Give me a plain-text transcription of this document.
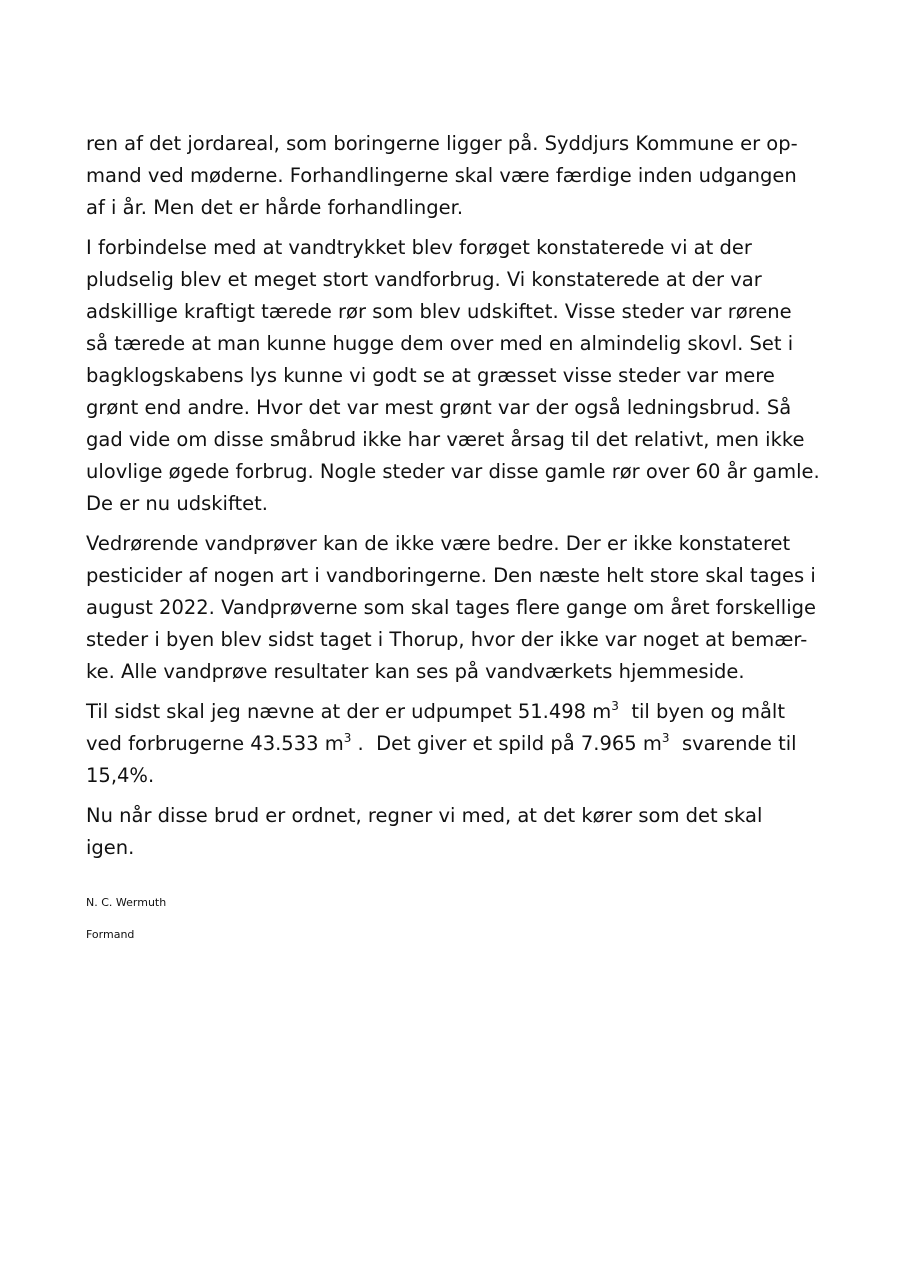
ren af det jordareal, som boringerne ligger på. Syddjurs Kommune er op-
mand ved møderne. Forhandlingerne skal være færdige inden udgangen
af i år. Men det er hårde forhandlinger.

I forbindelse med at vandtrykket blev forøget konstaterede vi at der
pludselig blev et meget stort vandforbrug. Vi konstaterede at der var
adskillige kraftigt tærede rør som blev udskiftet. Visse steder var rørene
så tærede at man kunne hugge dem over med en almindelig skovl. Set i
bagklogskabens lys kunne vi godt se at græsset visse steder var mere
grønt end andre. Hvor det var mest grønt var der også ledningsbrud. Så
gad vide om disse småbrud ikke har været årsag til det relativt, men ikke
ulovlige øgede forbrug. Nogle steder var disse gamle rør over 60 år gamle.
De er nu udskiftet.

Vedrørende vandprøver kan de ikke være bedre. Der er ikke konstateret
pesticider af nogen art i vandboringerne. Den næste helt store skal tages i
august 2022. Vandprøverne som skal tages flere gange om året forskellige
steder i byen blev sidst taget i Thorup, hvor der ikke var noget at bemær-
ke. Alle vandprøve resultater kan ses på vandværkets hjemmeside.

Til sidst skal jeg nævne at der er udpumpet 51.498 $m^3$  til byen og målt
ved forbrugerne 43.533 $m^3$ .  Det giver et spild på 7.965 $m^3$  svarende til
15,4%.

Nu når disse brud er ordnet, regner vi med, at det kører som det skal
igen.

N. C. Wermuth
Formand
